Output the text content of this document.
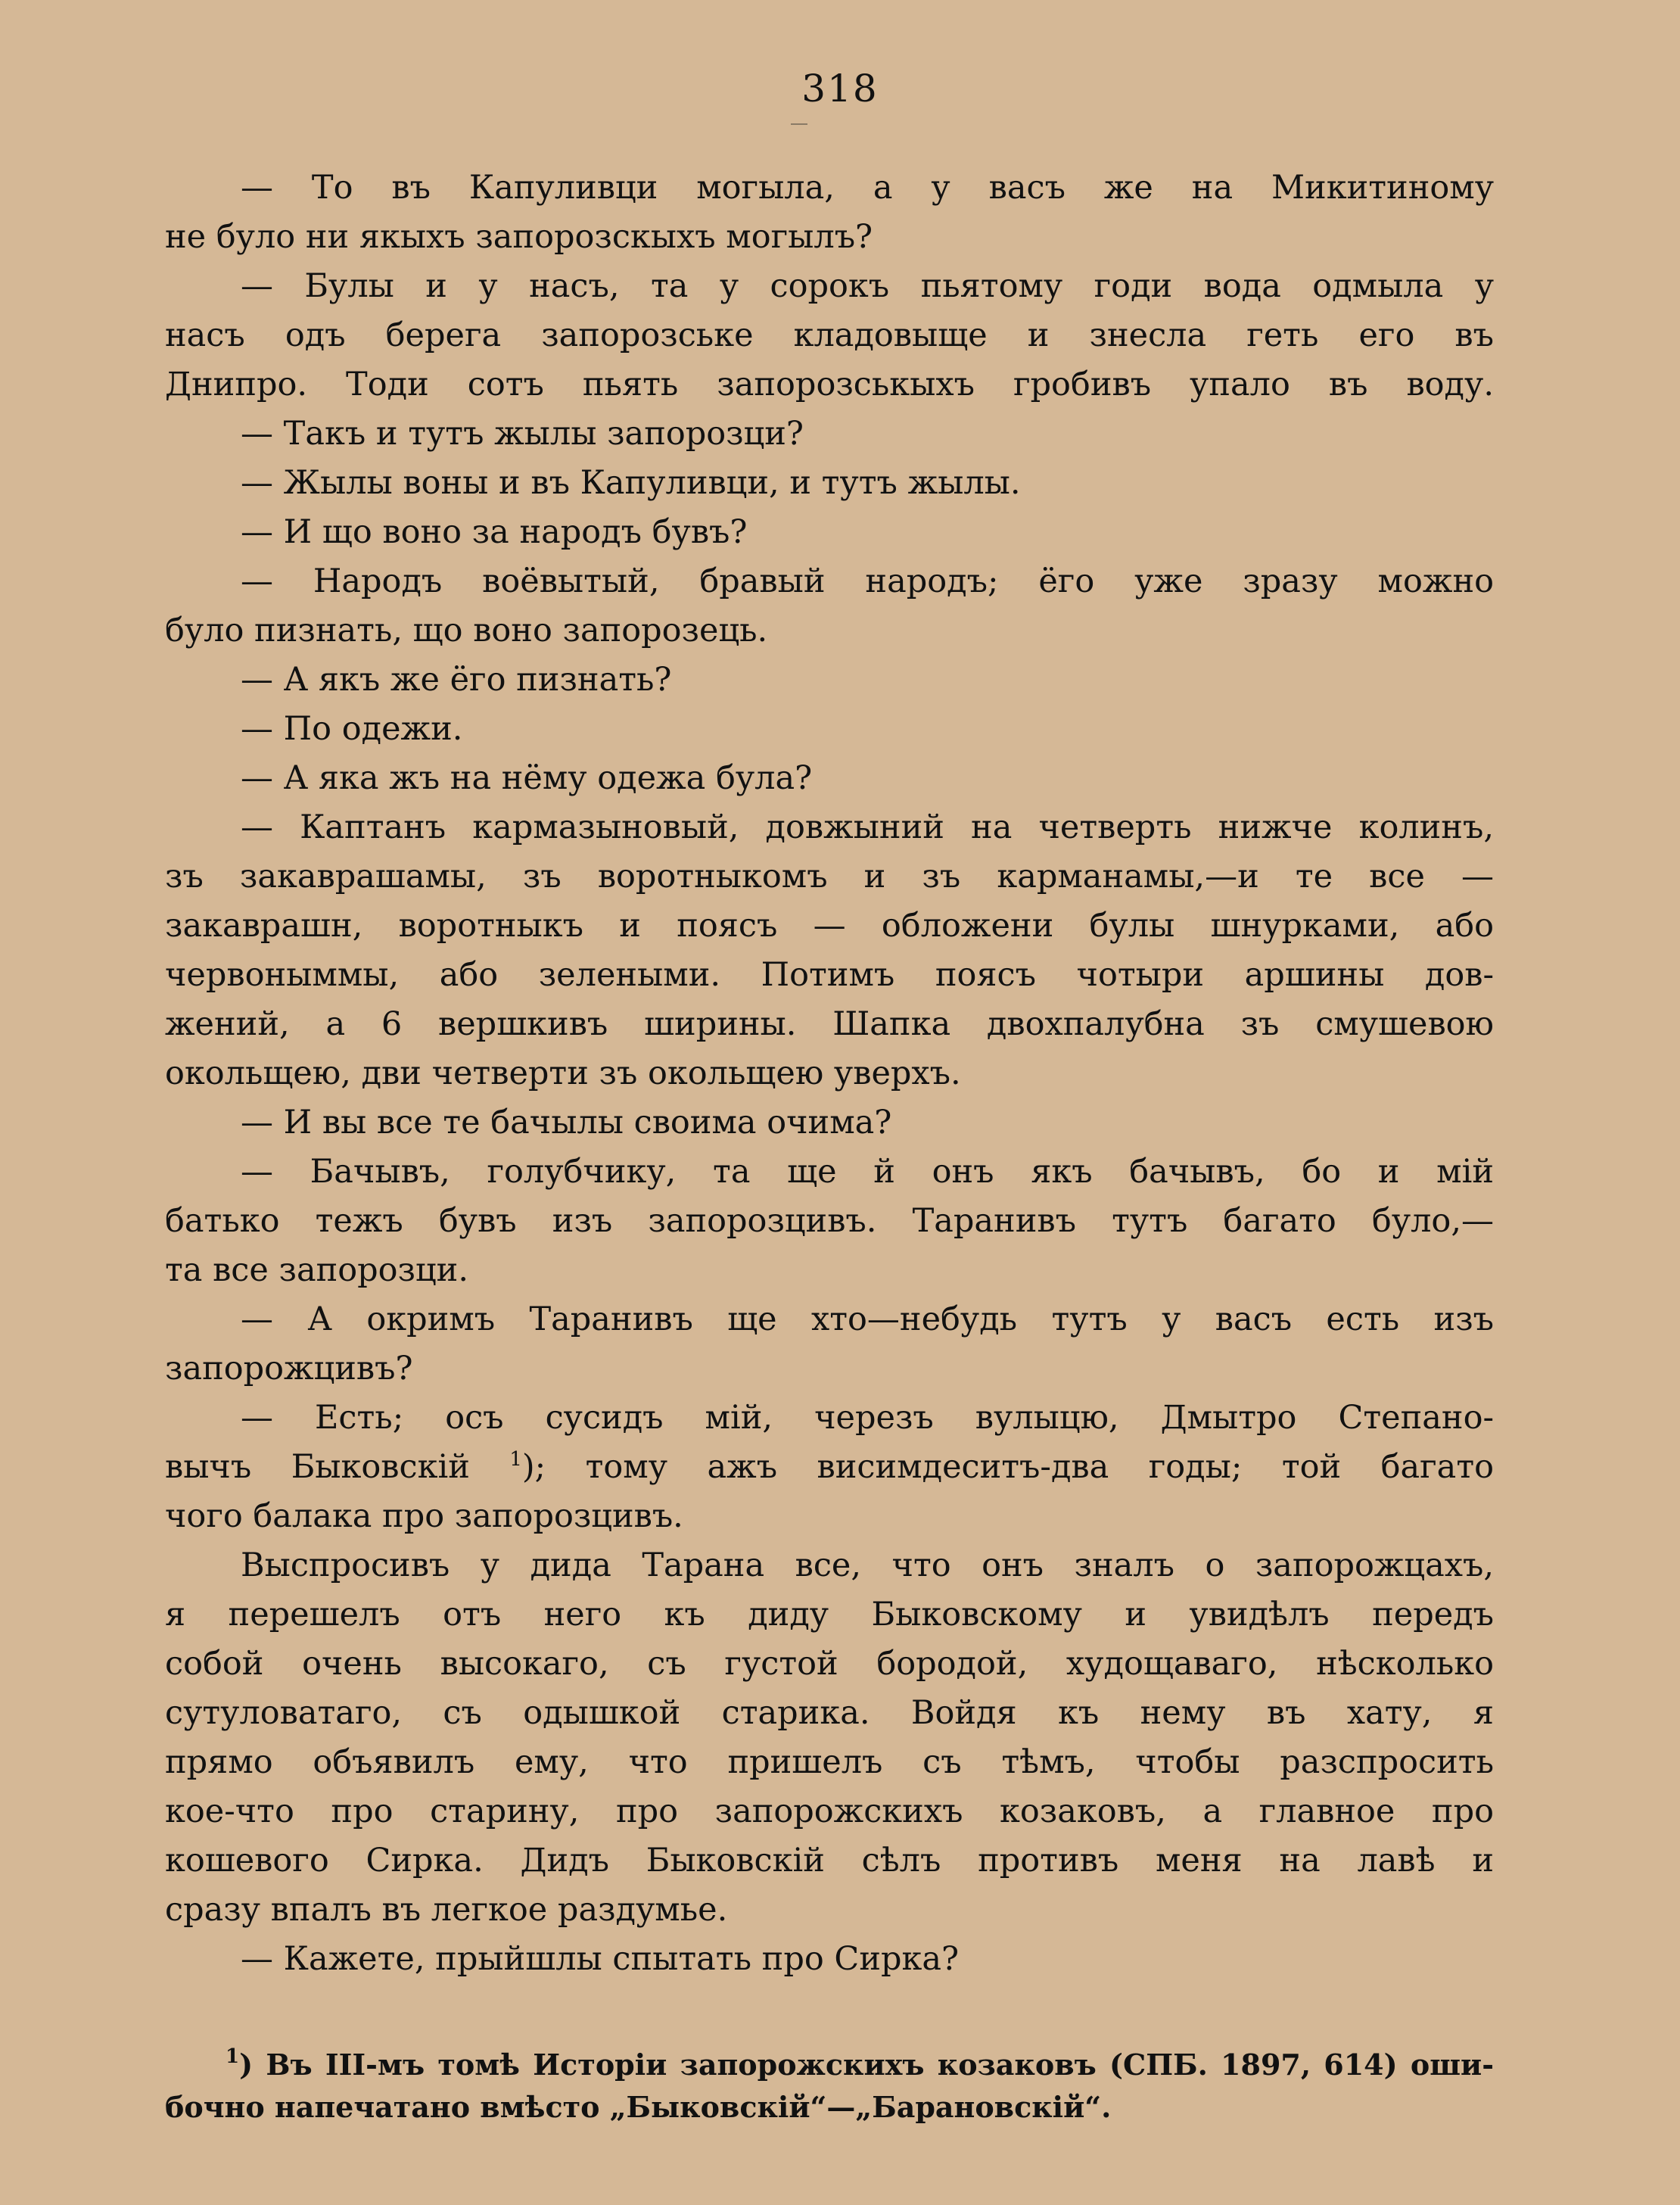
318
— То въ Капуливци могыла, а у васъ же на Микитиному
не було ни якыхъ запорозскыхъ могылъ?
— Булы и у насъ, та у сорокъ пьятому годи вода одмыла у
насъ одъ берега запорозське кладовыще и знесла геть его въ
Днипро. Тоди сотъ пьять запорозськыхъ гробивъ упало въ воду.
— Такъ и тутъ жылы запорозци?
— Жылы воны и въ Капуливци, и тутъ жылы.
— И що воно за народъ бувъ?
— Народъ воёвытый, бравый народъ; ёго уже зразу можно
було пизнать, що воно запорозець.
— А якъ же ёго пизнать?
— По одежи.
— А яка жъ на нёму одежа була?
— Каптанъ кармазыновый, довжыний на четверть нижче колинъ,
зъ закаврашамы, зъ воротныкомъ и зъ карманамы,—и те все —
закаврашн, воротныкъ и поясъ — обложени булы шнурками, або
червоныммы, або зелеными. Потимъ поясъ чотыри аршины дов-
жений, а 6 вершкивъ ширины. Шапка двохпалубна зъ смушевою
окольщею, дви четверти зъ окольщею уверхъ.
— И вы все те бачылы своима очима?
— Бачывъ, голубчику, та ще й онъ якъ бачывъ, бо и мій
батько тежъ бувъ изъ запорозцивъ. Таранивъ тутъ багато було,—
та все запорозци.
— А окримъ Таранивъ ще хто—небудь тутъ у васъ есть изъ
запорожцивъ?
— Есть; осъ сусидъ мій, черезъ вулыцю, Дмытро Степано-
вычъ Быковскій $^1$); тому ажъ висимдеситъ-два годы; той багато
чого балака про запорозцивъ.
Выспросивъ у дида Тарана все, что онъ зналъ о запорожцахъ,
я перешелъ отъ него къ диду Быковскому и увидѣлъ передъ
собой очень высокаго, съ густой бородой, худощаваго, нѣсколько
сутуловатаго, съ одышкой старика. Войдя къ нему въ хату, я
прямо объявилъ ему, что пришелъ съ тѣмъ, чтобы разспросить
кое-что про старину, про запорожскихъ козаковъ, а главное про
кошевого Сирка. Дидъ Быковскій сѣлъ противъ меня на лавѣ и
сразу впалъ въ легкое раздумье.
— Кажете, прыйшлы спытать про Сирка?
$^1$) Въ III-мъ томѣ Исторіи запорожскихъ козаковъ (СПБ. 1897, 614) оши-
бочно напечатано вмѣсто „Быковскій“—„Барановскій“.
